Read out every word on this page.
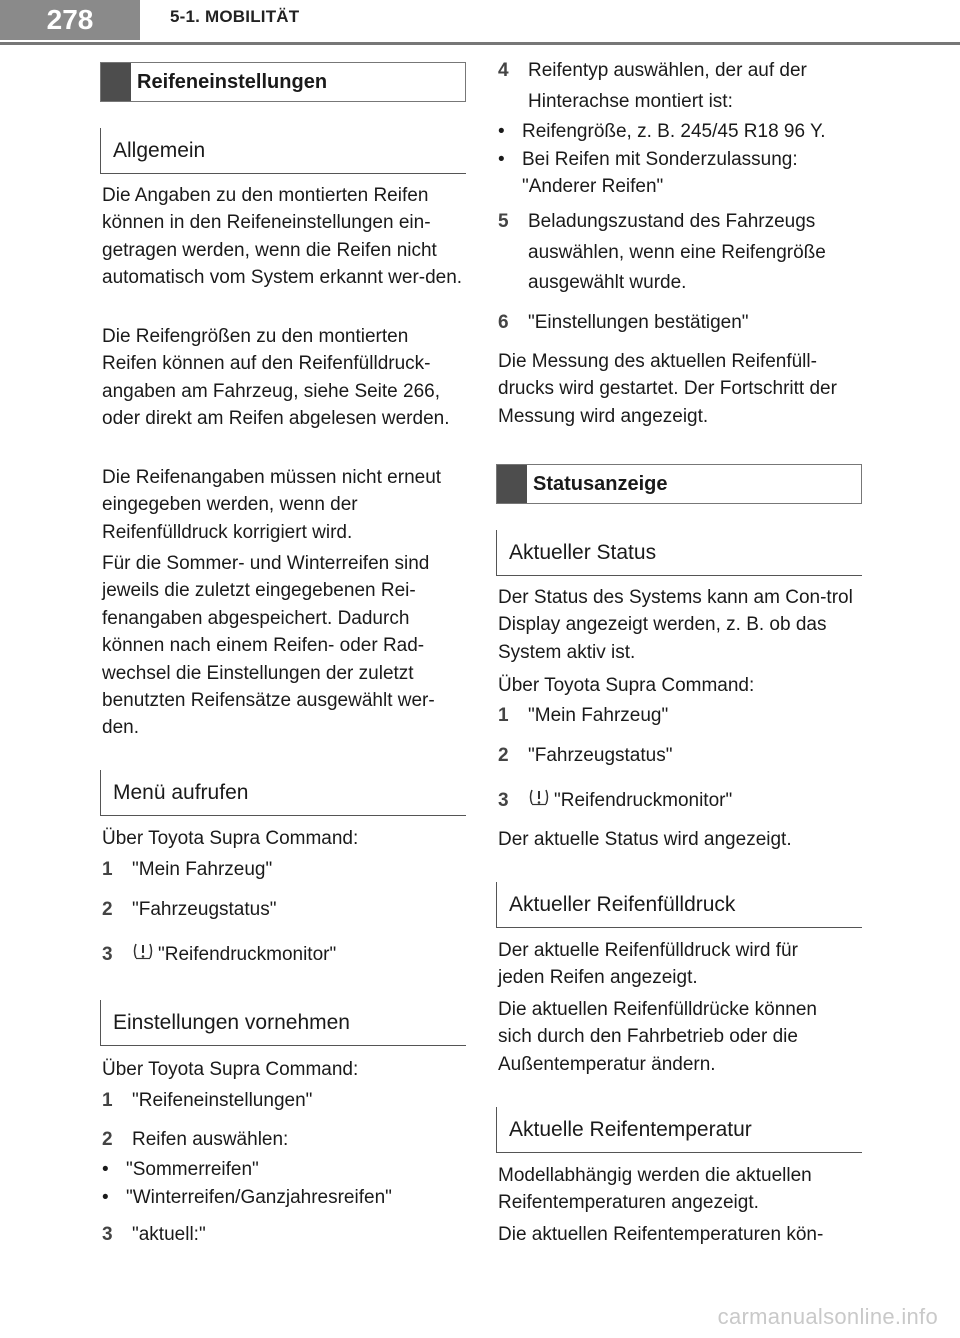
278	5-1. MOBILITÄT
Reifeneinstellungen
Allgemein
Die Angaben zu den montierten Reifen können in den Reifeneinstellungen ein-getragen werden, wenn die Reifen nicht automatisch vom System erkannt wer-den.
Die Reifengrößen zu den montierten Reifen können auf den Reifenfülldruck-angaben am Fahrzeug, siehe Seite 266, oder direkt am Reifen abgelesen werden.
Die Reifenangaben müssen nicht erneut eingegeben werden, wenn der Reifenfülldruck korrigiert wird.
Für die Sommer- und Winterreifen sind jeweils die zuletzt eingegebenen Rei-fenangaben abgespeichert. Dadurch können nach einem Reifen- oder Rad-wechsel die Einstellungen der zuletzt benutzten Reifensätze ausgewählt wer-den.
Menü aufrufen
Über Toyota Supra Command:
1	"Mein Fahrzeug"
2	"Fahrzeugstatus"
3	"Reifendruckmonitor"
Einstellungen vornehmen
Über Toyota Supra Command:
1	"Reifeneinstellungen"
2	Reifen auswählen:
• "Sommerreifen"
• "Winterreifen/Ganzjahresreifen"
3	"aktuell:"
4	Reifentyp auswählen, der auf der
Hinterachse montiert ist:
• Reifengröße, z. B. 245/45 R18 96 Y.
• Bei Reifen mit Sonderzulassung:
"Anderer Reifen"
5	Beladungszustand des Fahrzeugs
auswählen, wenn eine Reifengröße
ausgewählt wurde.
6	"Einstellungen bestätigen"
Die Messung des aktuellen Reifenfüll-drucks wird gestartet. Der Fortschritt der Messung wird angezeigt.
Statusanzeige
Aktueller Status
Der Status des Systems kann am Con-trol Display angezeigt werden, z. B. ob das System aktiv ist.
Über Toyota Supra Command:
1	"Mein Fahrzeug"
2	"Fahrzeugstatus"
3	"Reifendruckmonitor"
Der aktuelle Status wird angezeigt.
Aktueller Reifenfülldruck
Der aktuelle Reifenfülldruck wird für jeden Reifen angezeigt.
Die aktuellen Reifenfülldrücke können sich durch den Fahrbetrieb oder die Außentemperatur ändern.
Aktuelle Reifentemperatur
Modellabhängig werden die aktuellen Reifentemperaturen angezeigt.
Die aktuellen Reifentemperaturen kön-
carmanualsonline.info
